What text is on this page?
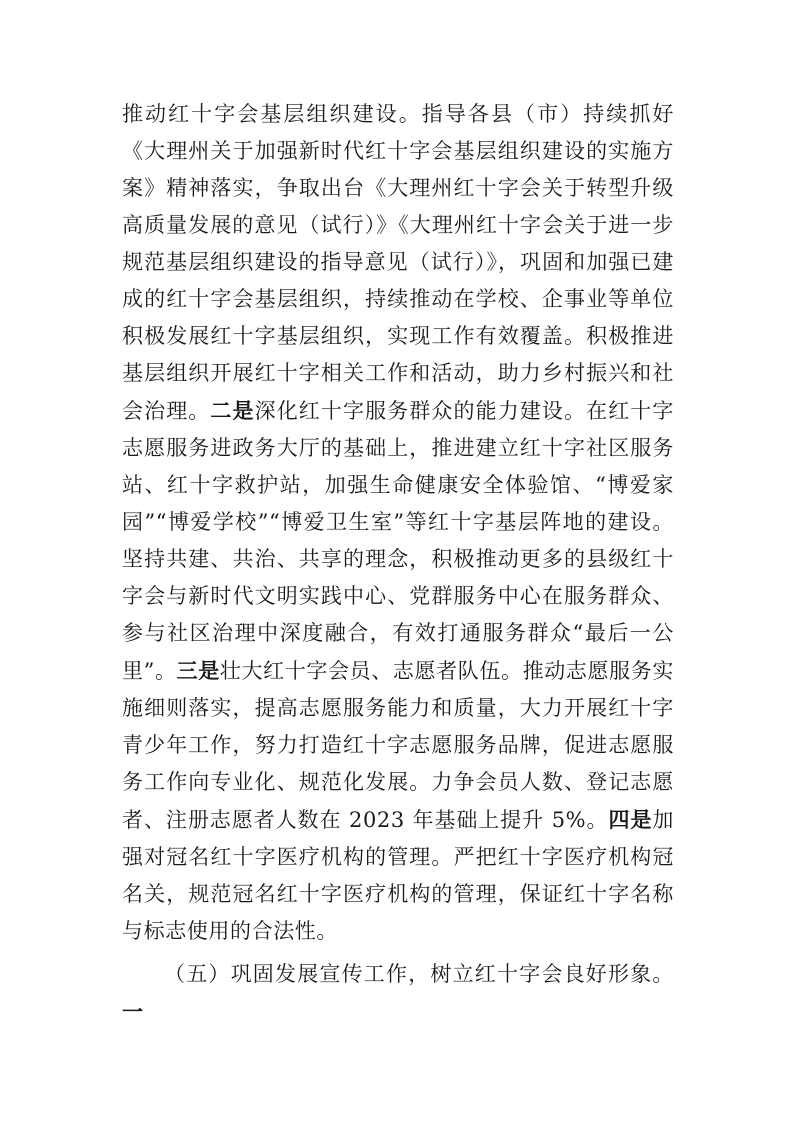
推动红十字会基层组织建设。指导各县（市）持续抓好《大理州关于加强新时代红十字会基层组织建设的实施方案》精神落实，争取出台《大理州红十字会关于转型升级高质量发展的意见（试行）》《大理州红十字会关于进一步规范基层组织建设的指导意见（试行）》，巩固和加强已建成的红十字会基层组织，持续推动在学校、企事业等单位积极发展红十字基层组织，实现工作有效覆盖。积极推进基层组织开展红十字相关工作和活动，助力乡村振兴和社会治理。二是深化红十字服务群众的能力建设。在红十字志愿服务进政务大厅的基础上，推进建立红十字社区服务站、红十字救护站，加强生命健康安全体验馆、“博爱家园”“博爱学校”“博爱卫生室”等红十字基层阵地的建设。坚持共建、共治、共享的理念，积极推动更多的县级红十字会与新时代文明实践中心、党群服务中心在服务群众、参与社区治理中深度融合，有效打通服务群众“最后一公里”。三是壮大红十字会员、志愿者队伍。推动志愿服务实施细则落实，提高志愿服务能力和质量，大力开展红十字青少年工作，努力打造红十字志愿服务品牌，促进志愿服务工作向专业化、规范化发展。力争会员人数、登记志愿者、注册志愿者人数在 2023 年基础上提升 5%。四是加强对冠名红十字医疗机构的管理。严把红十字医疗机构冠名关，规范冠名红十字医疗机构的管理，保证红十字名称与标志使用的合法性。

（五）巩固发展宣传工作，树立红十字会良好形象。一
